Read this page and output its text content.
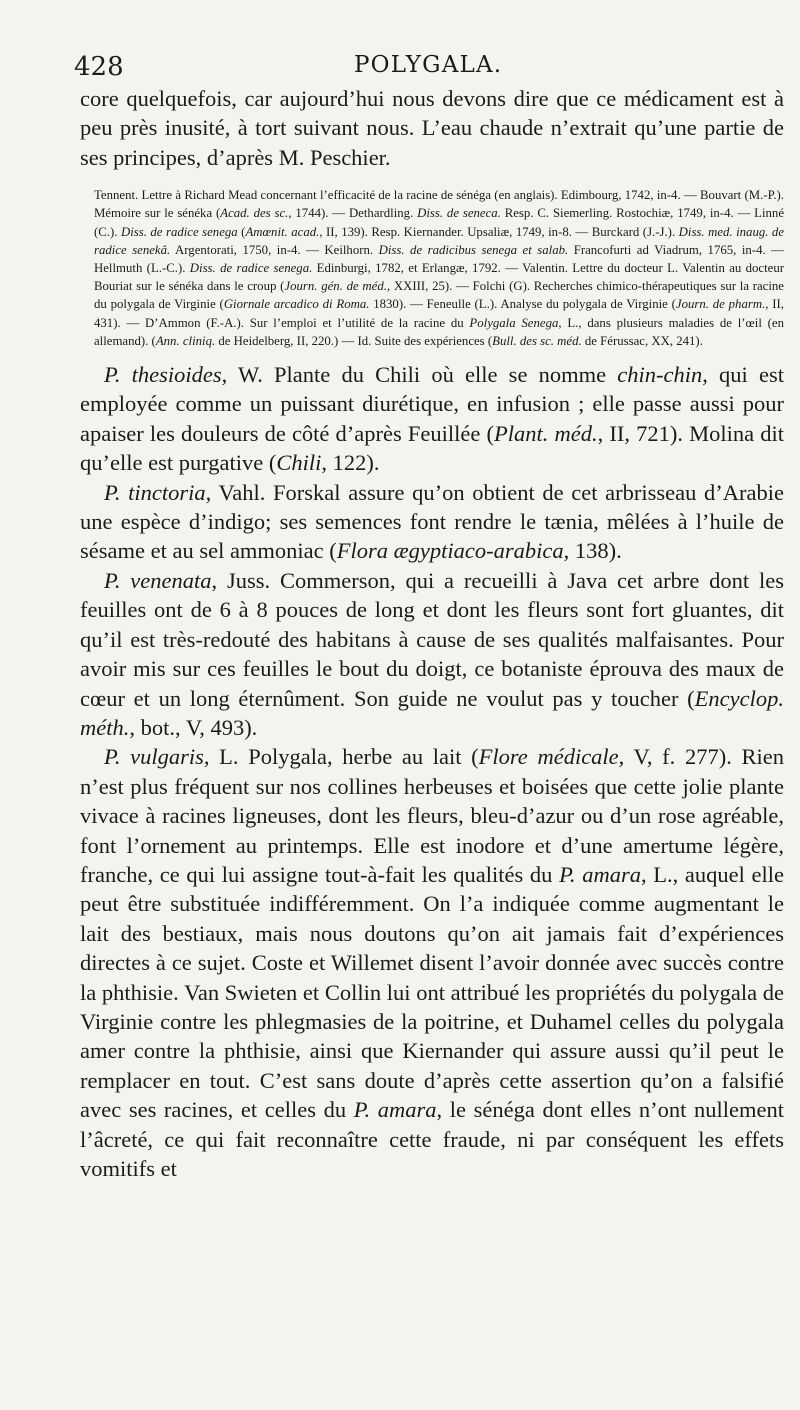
428	POLYGALA.

core quelquefois, car aujourd’hui nous devons dire que ce médicament est à peu près inusité, à tort suivant nous. L’eau chaude n’extrait qu’une partie de ses principes, d’après M. Peschier.

Tennent. Lettre à Richard Mead concernant l’efficacité de la racine de sénéga (en anglais). Edimbourg, 1742, in-4. — Bouvart (M.-P.). Mémoire sur le sénéka (Acad. des sc., 1744). — Dethardling. Diss. de seneca. Resp. C. Siemerling. Rostochiæ, 1749, in-4. — Linné (C.). Diss. de radice senega (Amœnit. acad., II, 139). Resp. Kiernander. Upsaliæ, 1749, in-8. — Burckard (J.-J.). Diss. med. inaug. de radice senekâ. Argentorati, 1750, in-4. — Keilhorn. Diss. de radicibus senega et salab. Francofurti ad Viadrum, 1765, in-4. — Hellmuth (L.-C.). Diss. de radice senega. Edinburgi, 1782, et Erlangæ, 1792. — Valentin. Lettre du docteur L. Valentin au docteur Bouriat sur le sénéka dans le croup (Journ. gén. de méd., XXIII, 25). — Folchi (G). Recherches chimico-thérapeutiques sur la racine du polygala de Virginie (Giornale arcadico di Roma. 1830). — Feneulle (L.). Analyse du polygala de Virginie (Journ. de pharm., II, 431). — D’Ammon (F.-A.). Sur l’emploi et l’utilité de la racine du Polygala Senega, L., dans plusieurs maladies de l’œil (en allemand). (Ann. cliniq. de Heidelberg, II, 220.) — Id. Suite des expériences (Bull. des sc. méd. de Férussac, XX, 241).

P. thesioides, W. Plante du Chili où elle se nomme chin-chin, qui est employée comme un puissant diurétique, en infusion ; elle passe aussi pour apaiser les douleurs de côté d’après Feuillée (Plant. méd., II, 721). Molina dit qu’elle est purgative (Chili, 122).

P. tinctoria, Vahl. Forskal assure qu’on obtient de cet arbrisseau d’Arabie une espèce d’indigo; ses semences font rendre le tænia, mêlées à l’huile de sésame et au sel ammoniac (Flora ægyptiaco-arabica, 138).

P. venenata, Juss. Commerson, qui a recueilli à Java cet arbre dont les feuilles ont de 6 à 8 pouces de long et dont les fleurs sont fort gluantes, dit qu’il est très-redouté des habitans à cause de ses qualités malfaisantes. Pour avoir mis sur ces feuilles le bout du doigt, ce botaniste éprouva des maux de cœur et un long éternûment. Son guide ne voulut pas y toucher (Encyclop. méth., bot., V, 493).

P. vulgaris, L. Polygala, herbe au lait (Flore médicale, V, f. 277). Rien n’est plus fréquent sur nos collines herbeuses et boisées que cette jolie plante vivace à racines ligneuses, dont les fleurs, bleu-d’azur ou d’un rose agréable, font l’ornement au printemps. Elle est inodore et d’une amertume légère, franche, ce qui lui assigne tout-à-fait les qualités du P. amara, L., auquel elle peut être substituée indifféremment. On l’a indiquée comme augmentant le lait des bestiaux, mais nous doutons qu’on ait jamais fait d’expériences directes à ce sujet. Coste et Willemet disent l’avoir donnée avec succès contre la phthisie. Van Swieten et Collin lui ont attribué les propriétés du polygala de Virginie contre les phlegmasies de la poitrine, et Duhamel celles du polygala amer contre la phthisie, ainsi que Kiernander qui assure aussi qu’il peut le remplacer en tout. C’est sans doute d’après cette assertion qu’on a falsifié avec ses racines, et celles du P. amara, le sénéga dont elles n’ont nullement l’âcreté, ce qui fait reconnaître cette fraude, ni par conséquent les effets vomitifs et
